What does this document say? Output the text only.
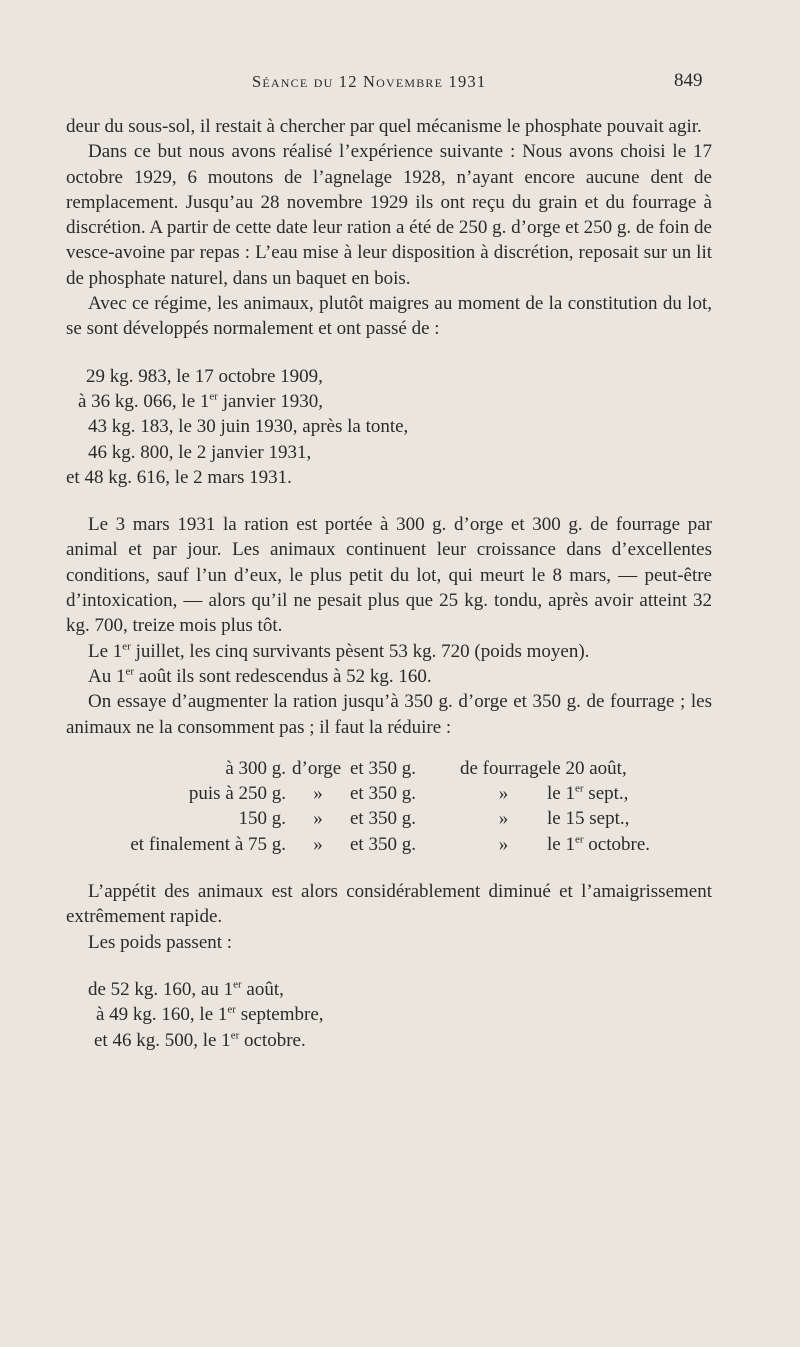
Séance du 12 Novembre 1931	849

deur du sous-sol, il restait à chercher par quel mécanisme le phosphate pouvait agir.

Dans ce but nous avons réalisé l’expérience suivante : Nous avons choisi le 17 octobre 1929, 6 moutons de l’agnelage 1928, n’ayant encore aucune dent de remplacement. Jusqu’au 28 novembre 1929 ils ont reçu du grain et du fourrage à discrétion. A partir de cette date leur ration a été de 250 g. d’orge et 250 g. de foin de vesce-avoine par repas : L’eau mise à leur disposition à discrétion, reposait sur un lit de phosphate naturel, dans un baquet en bois.

Avec ce régime, les animaux, plutôt maigres au moment de la constitution du lot, se sont développés normalement et ont passé de :

29 kg. 983, le 17 octobre 1909,
à 36 kg. 066, le 1er janvier 1930,
43 kg. 183, le 30 juin 1930, après la tonte,
46 kg. 800, le 2 janvier 1931,
et 48 kg. 616, le 2 mars 1931.

Le 3 mars 1931 la ration est portée à 300 g. d’orge et 300 g. de fourrage par animal et par jour. Les animaux continuent leur croissance dans d’excellentes conditions, sauf l’un d’eux, le plus petit du lot, qui meurt le 8 mars, — peut-être d’intoxication, — alors qu’il ne pesait plus que 25 kg. tondu, après avoir atteint 32 kg. 700, treize mois plus tôt.

Le 1er juillet, les cinq survivants pèsent 53 kg. 720 (poids moyen).

Au 1er août ils sont redescendus à 52 kg. 160.

On essaye d’augmenter la ration jusqu’à 350 g. d’orge et 350 g. de fourrage ; les animaux ne la consomment pas ; il faut la réduire :

à 300 g.	d’orge	et 350 g.	de fourrage	le 20 août,
puis à 250 g.	»	et 350 g.	»	le 1er sept.,
150 g.	»	et 350 g.	»	le 15 sept.,
et finalement à 75 g.	»	et 350 g.	»	le 1er octobre.

L’appétit des animaux est alors considérablement diminué et l’amaigrissement extrêmement rapide.

Les poids passent :

de 52 kg. 160, au 1er août,
à 49 kg. 160, le 1er septembre,
et 46 kg. 500, le 1er octobre.
